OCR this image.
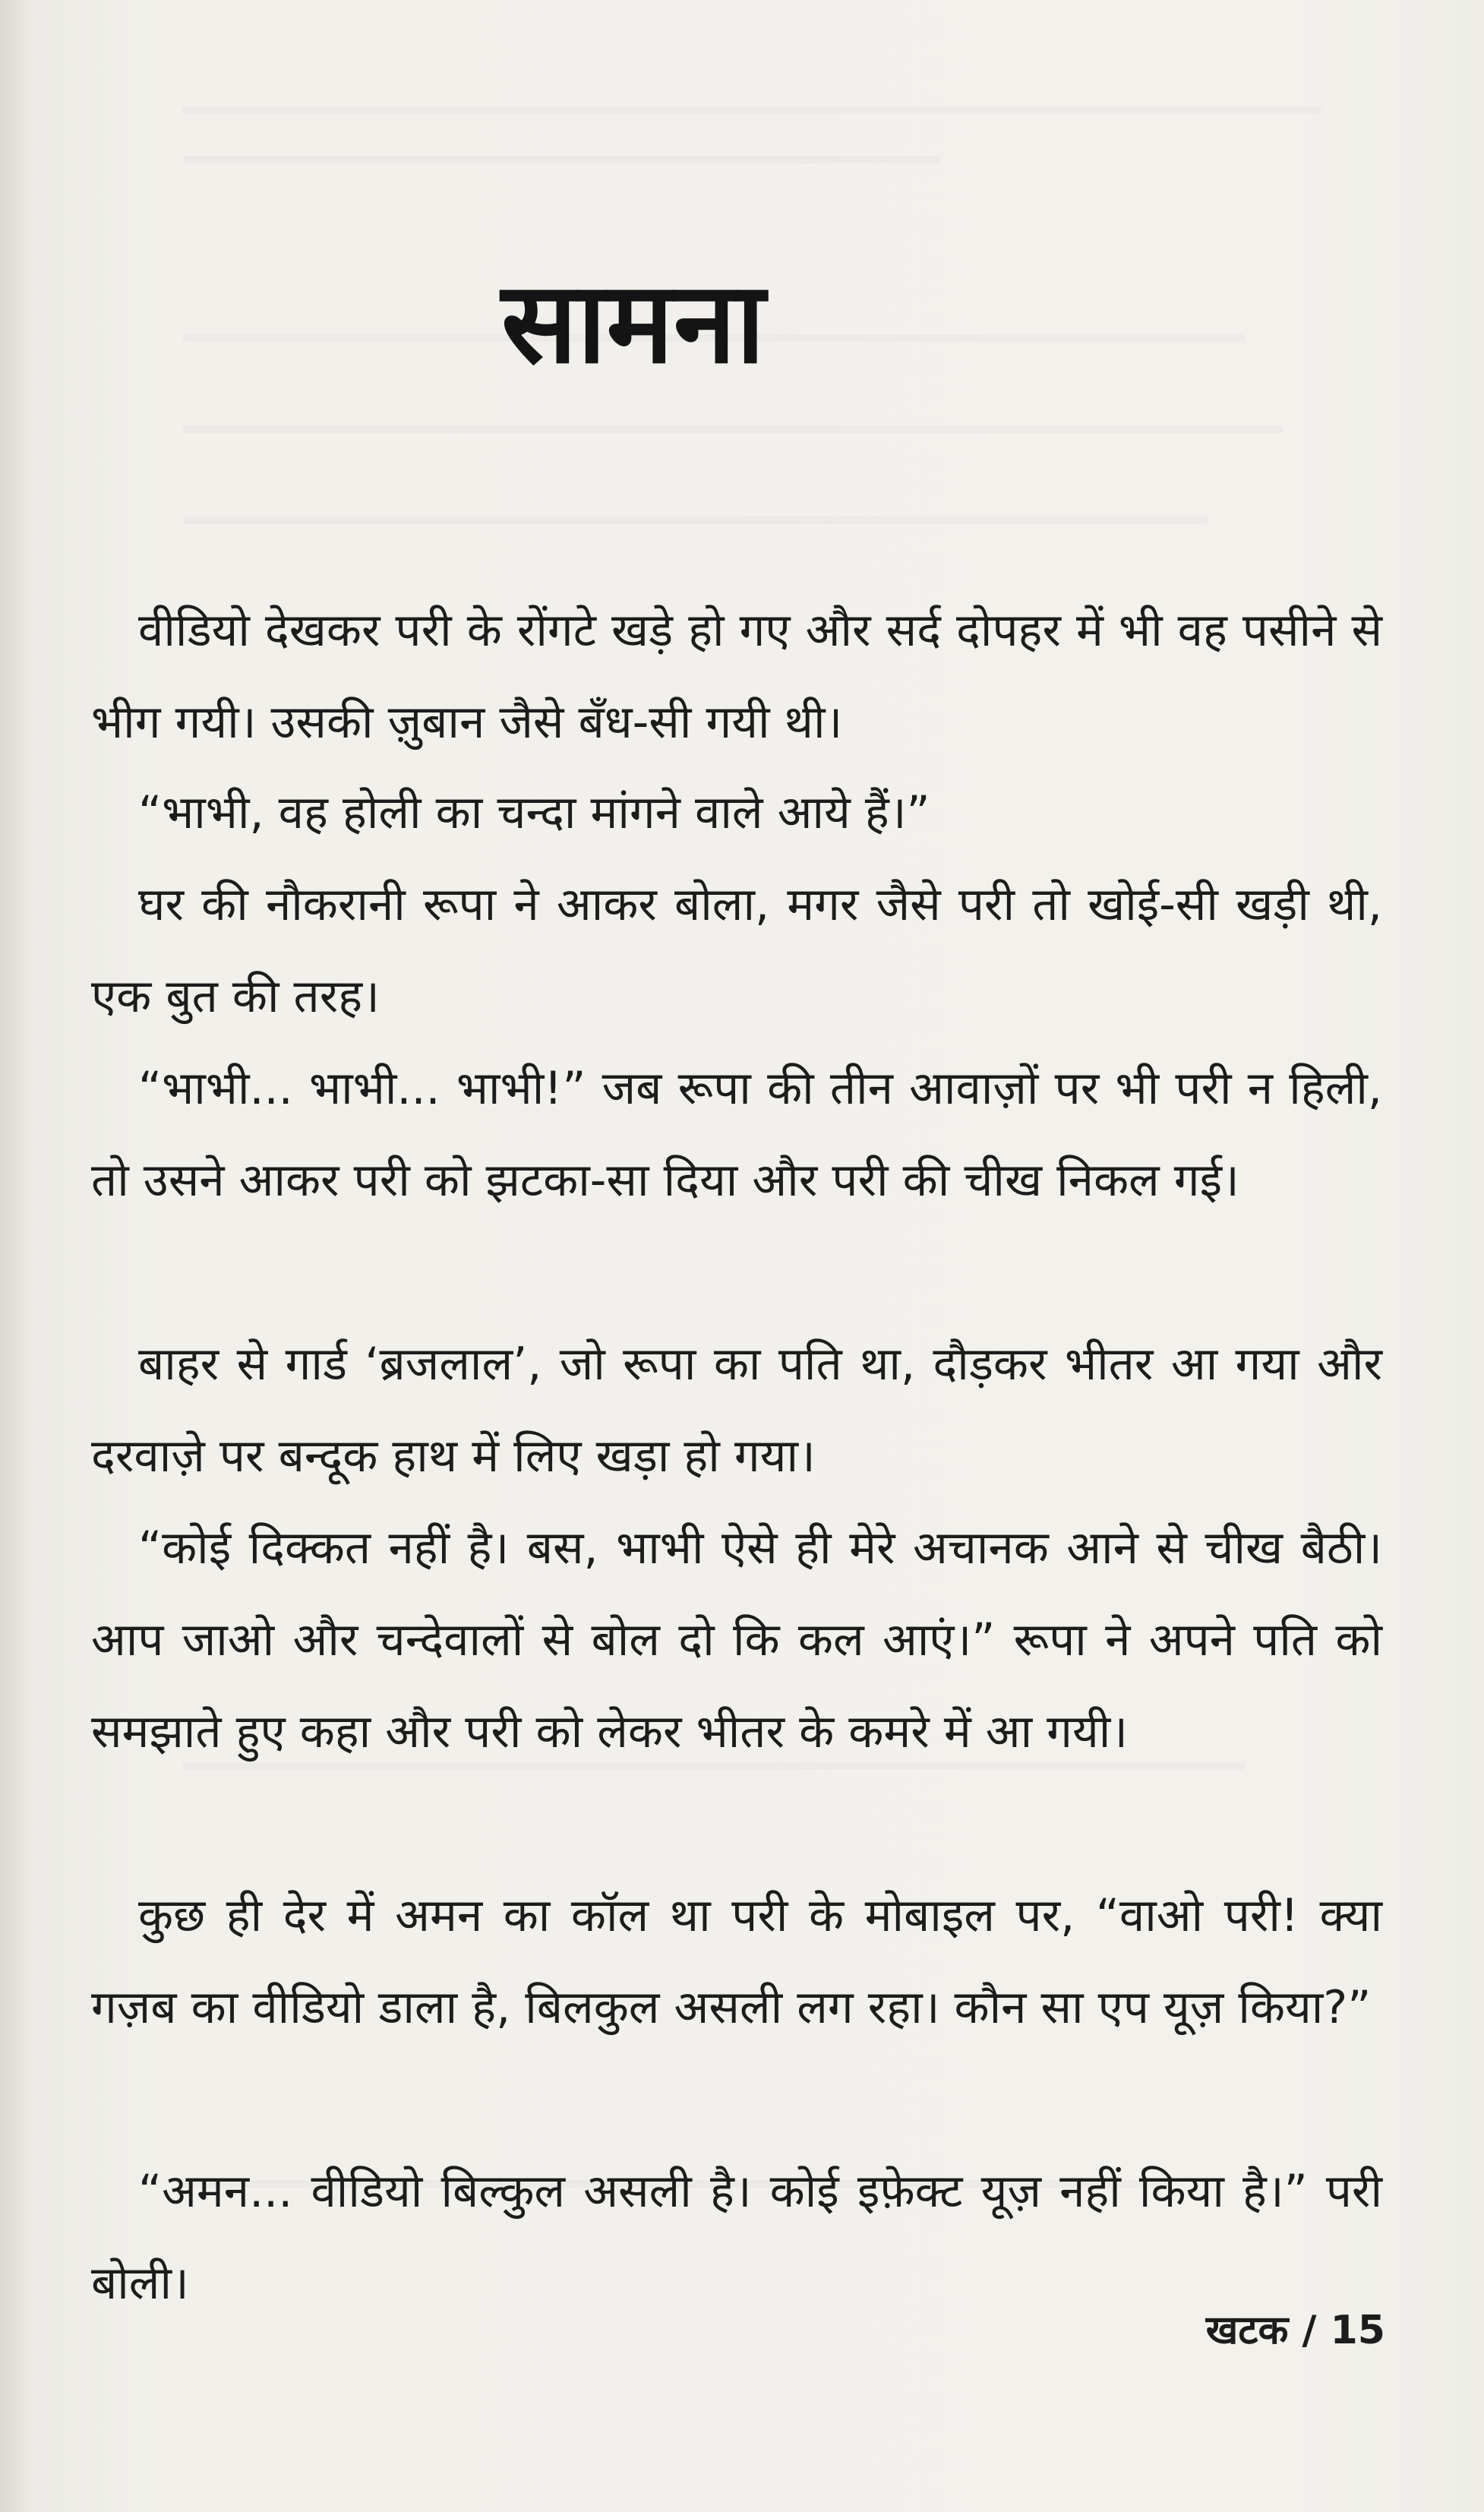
सामना

वीडियो देखकर परी के रोंगटे खड़े हो गए और सर्द दोपहर में भी वह पसीने से भीग गयी। उसकी ज़ुबान जैसे बँध-सी गयी थी।

“भाभी, वह होली का चन्दा मांगने वाले आये हैं।”

घर की नौकरानी रूपा ने आकर बोला, मगर जैसे परी तो खोई-सी खड़ी थी, एक बुत की तरह।

“भाभी... भाभी... भाभी!” जब रूपा की तीन आवाज़ों पर भी परी न हिली, तो उसने आकर परी को झटका-सा दिया और परी की चीख निकल गई।

बाहर से गार्ड ‘ब्रजलाल’, जो रूपा का पति था, दौड़कर भीतर आ गया और दरवाज़े पर बन्दूक हाथ में लिए खड़ा हो गया।

“कोई दिक्कत नहीं है। बस, भाभी ऐसे ही मेरे अचानक आने से चीख बैठी। आप जाओ और चन्देवालों से बोल दो कि कल आएं।” रूपा ने अपने पति को समझाते हुए कहा और परी को लेकर भीतर के कमरे में आ गयी।

कुछ ही देर में अमन का कॉल था परी के मोबाइल पर, “वाओ परी! क्या गज़ब का वीडियो डाला है, बिलकुल असली लग रहा। कौन सा एप यूज़ किया?”

“अमन... वीडियो बिल्कुल असली है। कोई इफ़ेक्ट यूज़ नहीं किया है।” परी बोली।

खटक / 15
